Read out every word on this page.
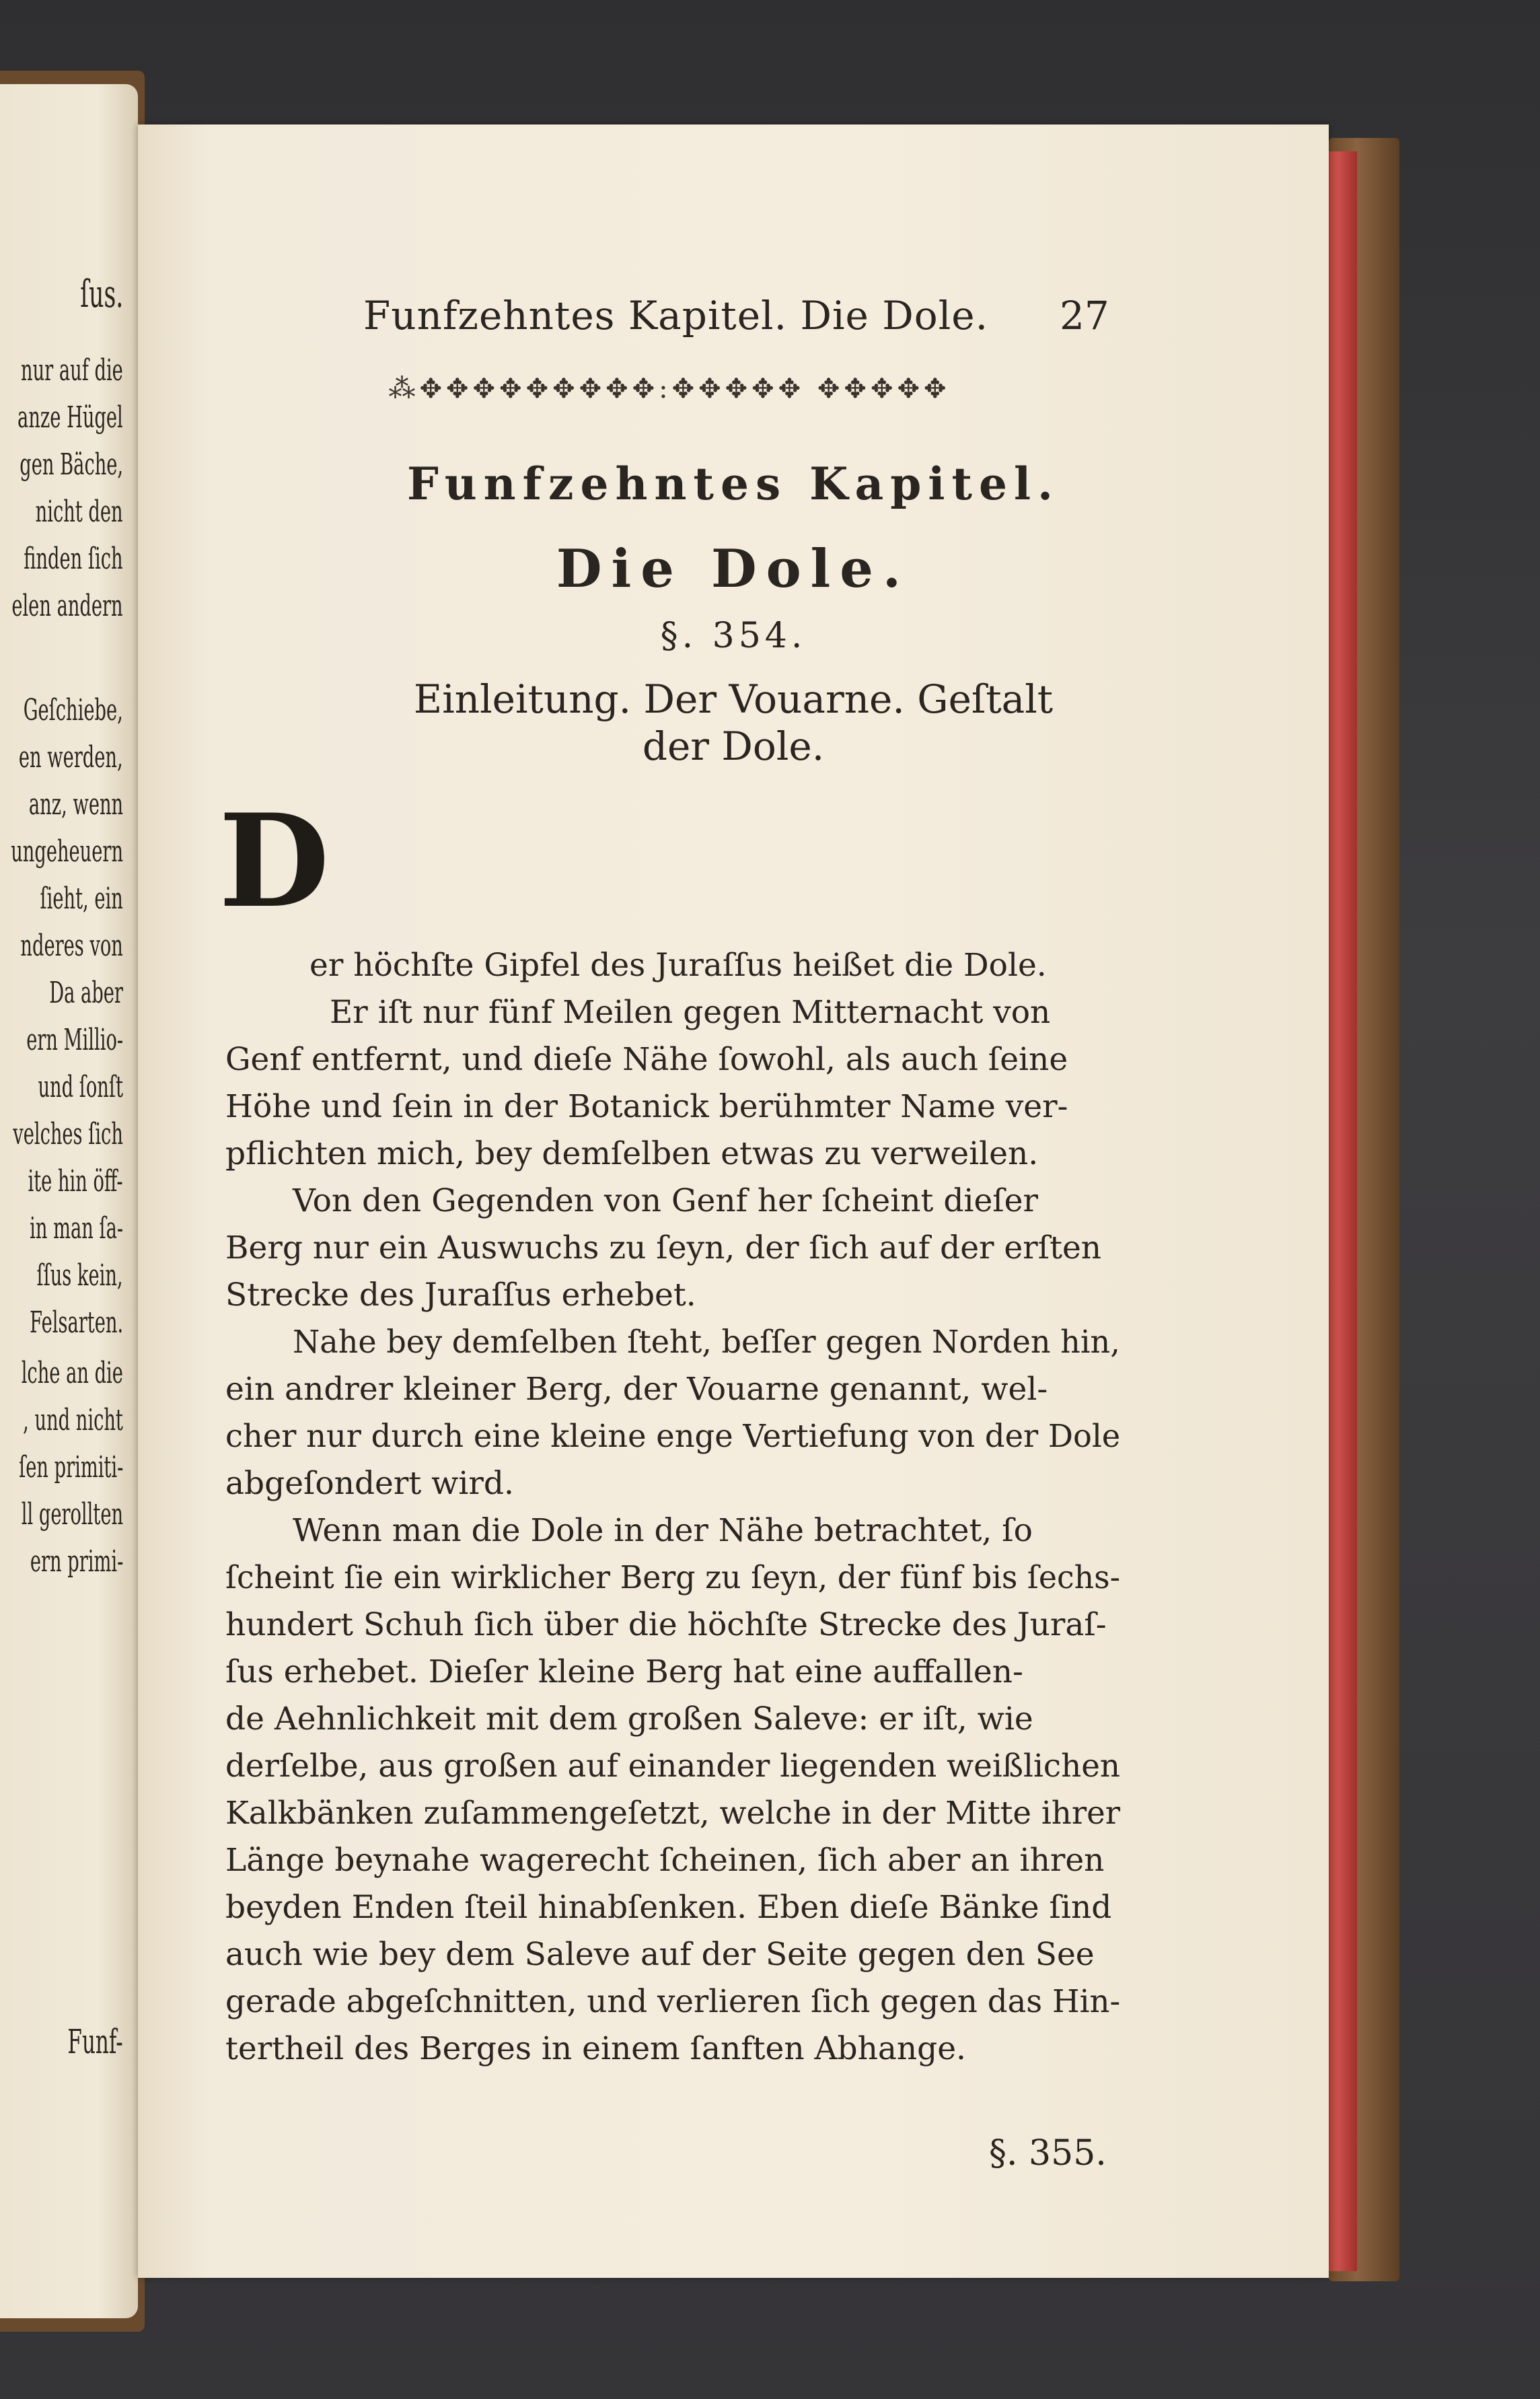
ſus.
nur auf die
anze Hügel
gen Bäche,
nicht den
finden ſich
elen andern
Geſchiebe,
en werden,
anz, wenn
ungeheuern
ſieht, ein
nderes von
Da aber
ern Millio-
und ſonſt
velches ſich
ite hin öff-
in man ſa-
ſſus kein,
Felsarten.
lche an die
, und nicht
ſen primiti-
ll gerollten
ern primi-
Funf-
Funfzehntes Kapitel. Die Dole. 27
⁂✥✥✥✥✥✥✥✥✥:✥✥✥✥✥ ✥✥✥✥✥
Funfzehntes Kapitel.
Die Dole.
§. 354.
Einleitung. Der Vouarne. Geſtalt
der Dole.
D
er höchſte Gipfel des Juraſſus heißet die Dole.
Er iſt nur fünf Meilen gegen Mitternacht von
Genf entfernt, und dieſe Nähe ſowohl, als auch ſeine
Höhe und ſein in der Botanick berühmter Name ver-
pflichten mich, bey demſelben etwas zu verweilen.
Von den Gegenden von Genf her ſcheint dieſer
Berg nur ein Auswuchs zu ſeyn, der ſich auf der erſten
Strecke des Juraſſus erhebet.
Nahe bey demſelben ſteht, beſſer gegen Norden hin,
ein andrer kleiner Berg, der Vouarne genannt, wel-
cher nur durch eine kleine enge Vertiefung von der Dole
abgeſondert wird.
Wenn man die Dole in der Nähe betrachtet, ſo
ſcheint ſie ein wirklicher Berg zu ſeyn, der fünf bis ſechs-
hundert Schuh ſich über die höchſte Strecke des Juraſ-
ſus erhebet. Dieſer kleine Berg hat eine auffallen-
de Aehnlichkeit mit dem großen Saleve: er iſt, wie
derſelbe, aus großen auf einander liegenden weißlichen
Kalkbänken zuſammengeſetzt, welche in der Mitte ihrer
Länge beynahe wagerecht ſcheinen, ſich aber an ihren
beyden Enden ſteil hinabſenken. Eben dieſe Bänke ſind
auch wie bey dem Saleve auf der Seite gegen den See
gerade abgeſchnitten, und verlieren ſich gegen das Hin-
tertheil des Berges in einem ſanften Abhange.
§. 355.
